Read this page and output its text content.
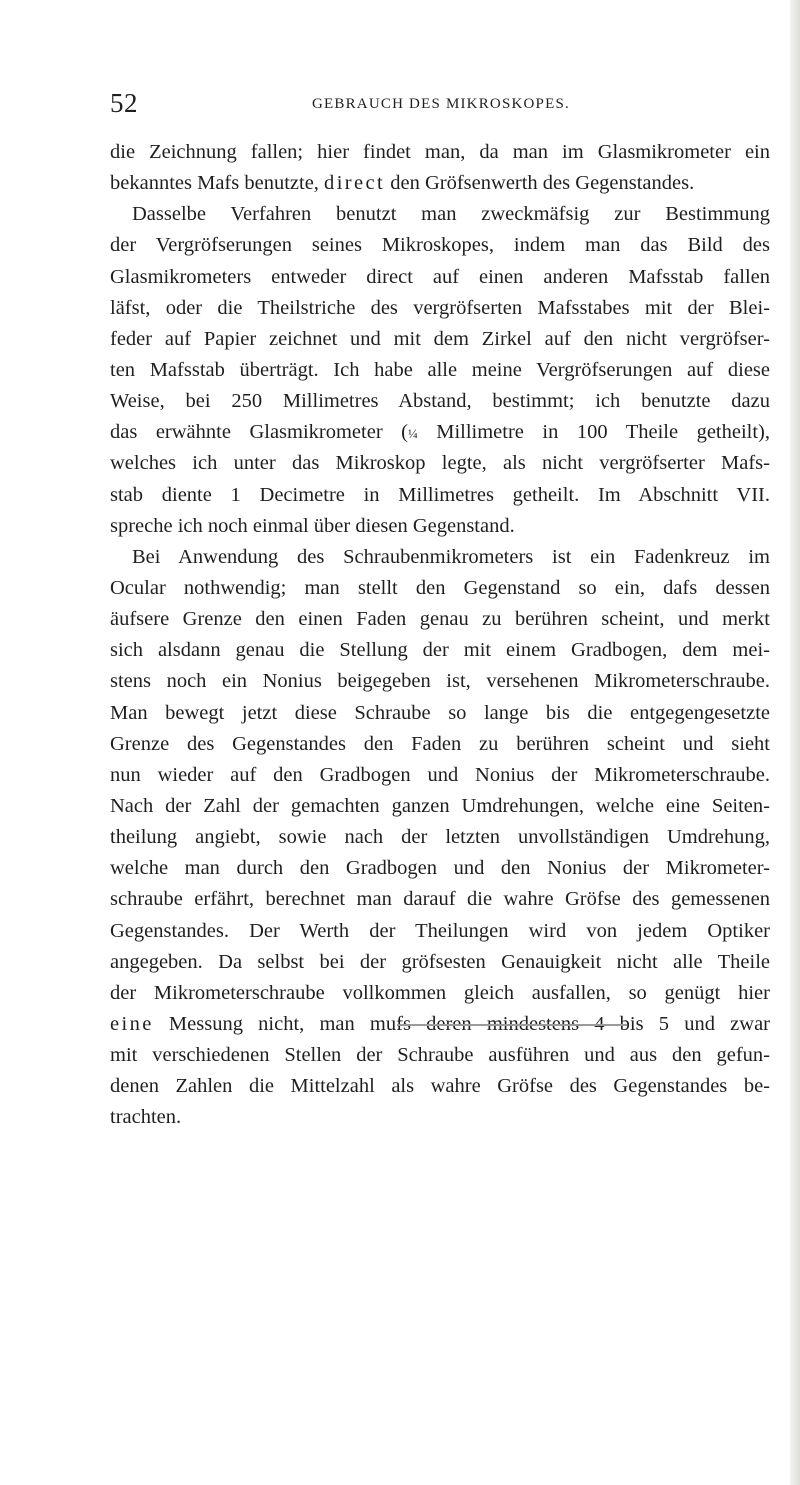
52	GEBRAUCH DES MIKROSKOPES.
die Zeichnung fallen; hier findet man, da man im Glasmikrometer ein
bekanntes Mafs benutzte, direct den Gröfsenwerth des Gegenstandes.
Dasselbe Verfahren benutzt man zweckmäfsig zur Bestimmung
der Vergröfserungen seines Mikroskopes, indem man das Bild des
Glasmikrometers entweder direct auf einen anderen Mafsstab fallen
läfst, oder die Theilstriche des vergröfserten Mafsstabes mit der Blei-
feder auf Papier zeichnet und mit dem Zirkel auf den nicht vergröfser-
ten Mafsstab überträgt. Ich habe alle meine Vergröfserungen auf diese
Weise, bei 250 Millimetres Abstand, bestimmt; ich benutzte dazu
das erwähnte Glasmikrometer (¼ Millimetre in 100 Theile getheilt),
welches ich unter das Mikroskop legte, als nicht vergröfserter Mafs-
stab diente 1 Decimetre in Millimetres getheilt. Im Abschnitt VII.
spreche ich noch einmal über diesen Gegenstand.
Bei Anwendung des Schraubenmikrometers ist ein Fadenkreuz im
Ocular nothwendig; man stellt den Gegenstand so ein, dafs dessen
äufsere Grenze den einen Faden genau zu berühren scheint, und merkt
sich alsdann genau die Stellung der mit einem Gradbogen, dem mei-
stens noch ein Nonius beigegeben ist, versehenen Mikrometerschraube.
Man bewegt jetzt diese Schraube so lange bis die entgegengesetzte
Grenze des Gegenstandes den Faden zu berühren scheint und sieht
nun wieder auf den Gradbogen und Nonius der Mikrometerschraube.
Nach der Zahl der gemachten ganzen Umdrehungen, welche eine Seiten-
theilung angiebt, sowie nach der letzten unvollständigen Umdrehung,
welche man durch den Gradbogen und den Nonius der Mikrometer-
schraube erfährt, berechnet man darauf die wahre Gröfse des gemessenen
Gegenstandes. Der Werth der Theilungen wird von jedem Optiker
angegeben. Da selbst bei der gröfsesten Genauigkeit nicht alle Theile
der Mikrometerschraube vollkommen gleich ausfallen, so genügt hier
eine Messung nicht, man mufs deren mindestens 4 bis 5 und zwar
mit verschiedenen Stellen der Schraube ausführen und aus den gefun-
denen Zahlen die Mittelzahl als wahre Gröfse des Gegenstandes be-
trachten.
